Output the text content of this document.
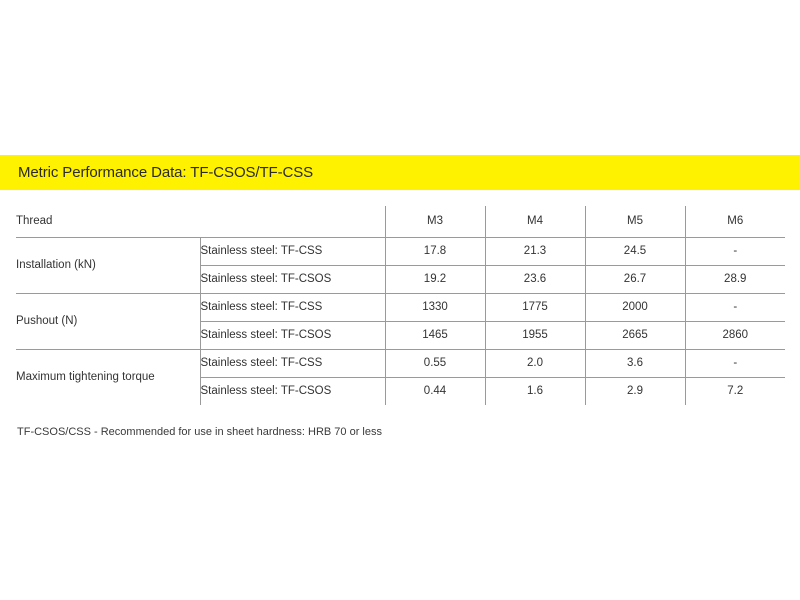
Metric Performance Data: TF-CSOS/TF-CSS
Thread		M3	M4	M5	M6
Installation (kN)	Stainless steel: TF-CSS	17.8	21.3	24.5	-
	Stainless steel: TF-CSOS	19.2	23.6	26.7	28.9
Pushout (N)	Stainless steel: TF-CSS	1330	1775	2000	-
	Stainless steel: TF-CSOS	1465	1955	2665	2860
Maximum tightening torque	Stainless steel: TF-CSS	0.55	2.0	3.6	-
	Stainless steel: TF-CSOS	0.44	1.6	2.9	7.2
TF-CSOS/CSS - Recommended for use in sheet hardness: HRB 70 or less
